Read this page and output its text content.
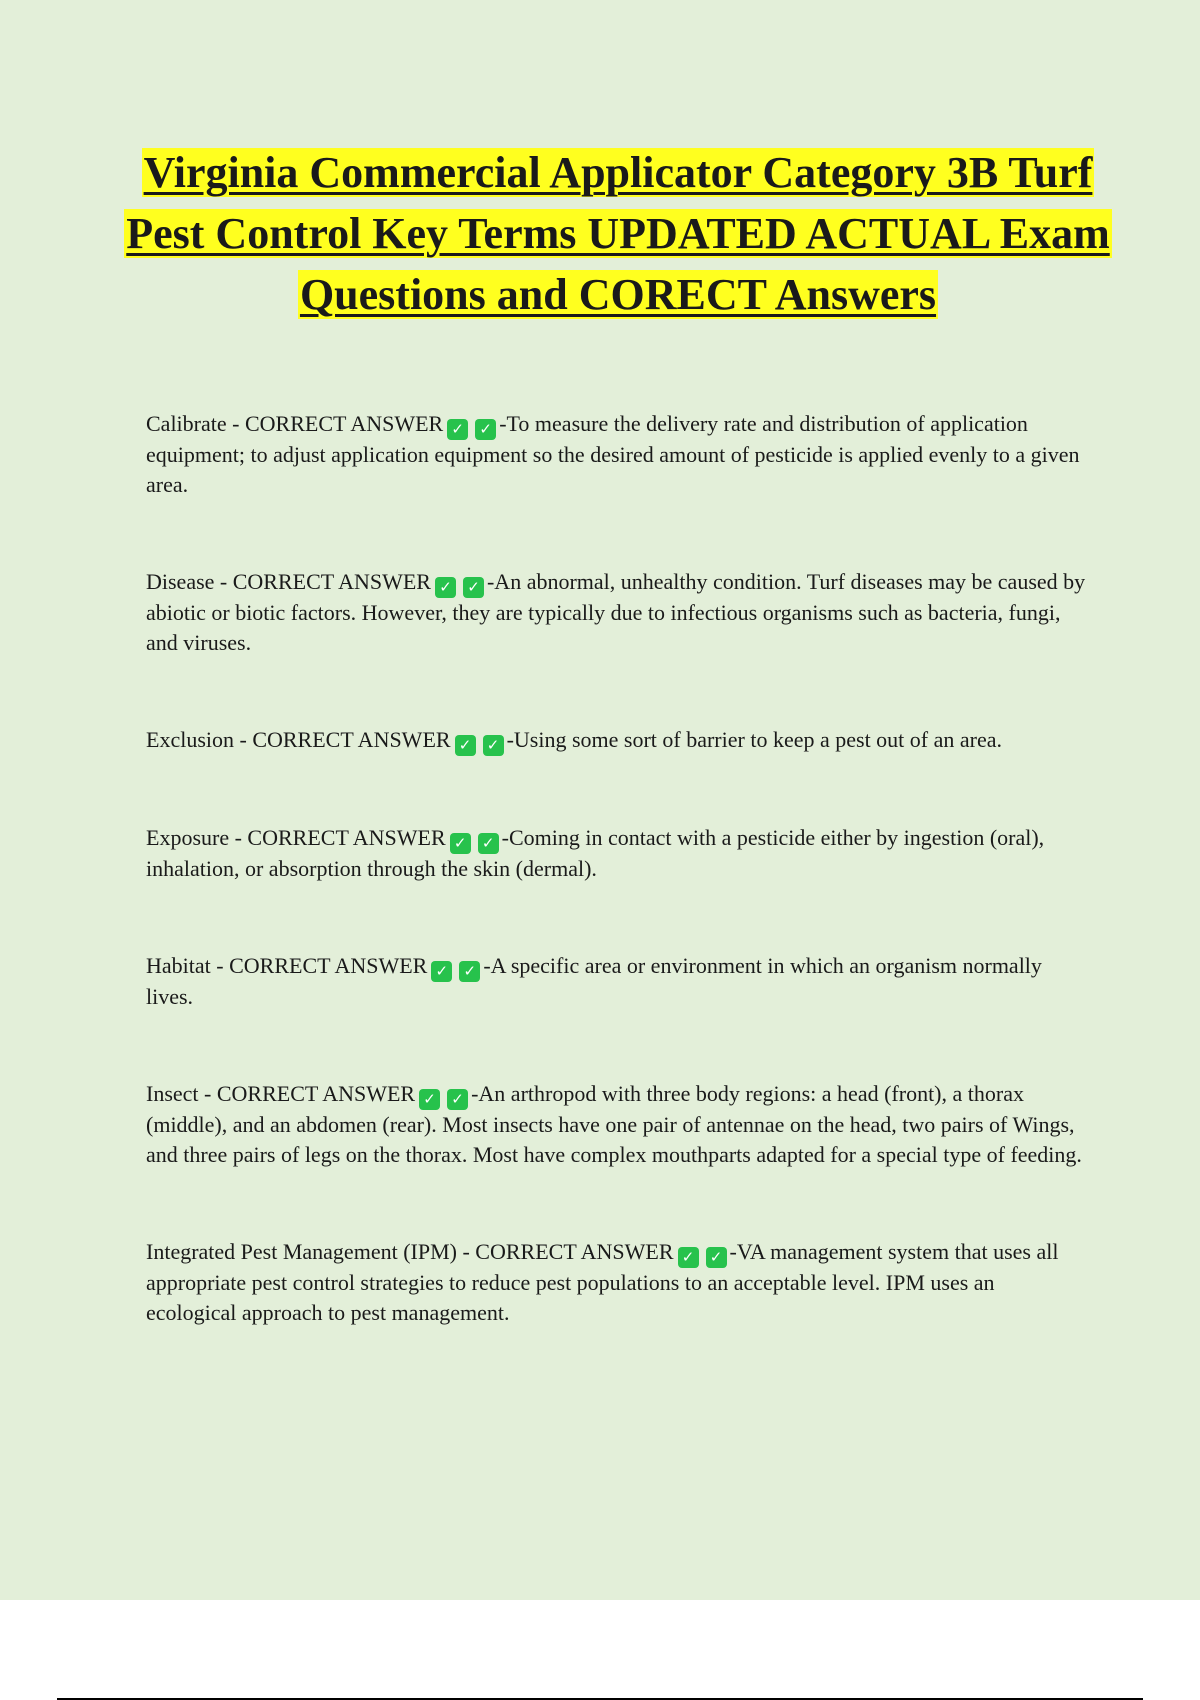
Virginia Commercial Applicator Category 3B Turf Pest Control Key Terms UPDATED ACTUAL Exam Questions and CORECT Answers

Calibrate - CORRECT ANSWER ✓ ✓ -To measure the delivery rate and distribution of application equipment; to adjust application equipment so the desired amount of pesticide is applied evenly to a given area.

Disease - CORRECT ANSWER ✓ ✓ -An abnormal, unhealthy condition. Turf diseases may be caused by abiotic or biotic factors. However, they are typically due to infectious organisms such as bacteria, fungi, and viruses.

Exclusion - CORRECT ANSWER ✓ ✓ -Using some sort of barrier to keep a pest out of an area.

Exposure - CORRECT ANSWER ✓ ✓ -Coming in contact with a pesticide either by ingestion (oral), inhalation, or absorption through the skin (dermal).

Habitat - CORRECT ANSWER ✓ ✓ -A specific area or environment in which an organism normally lives.

Insect - CORRECT ANSWER ✓ ✓ -An arthropod with three body regions: a head (front), a thorax (middle), and an abdomen (rear). Most insects have one pair of antennae on the head, two pairs of Wings, and three pairs of legs on the thorax. Most have complex mouthparts adapted for a special type of feeding.

Integrated Pest Management (IPM) - CORRECT ANSWER ✓ ✓ -VA management system that uses all appropriate pest control strategies to reduce pest populations to an acceptable level. IPM uses an ecological approach to pest management.
